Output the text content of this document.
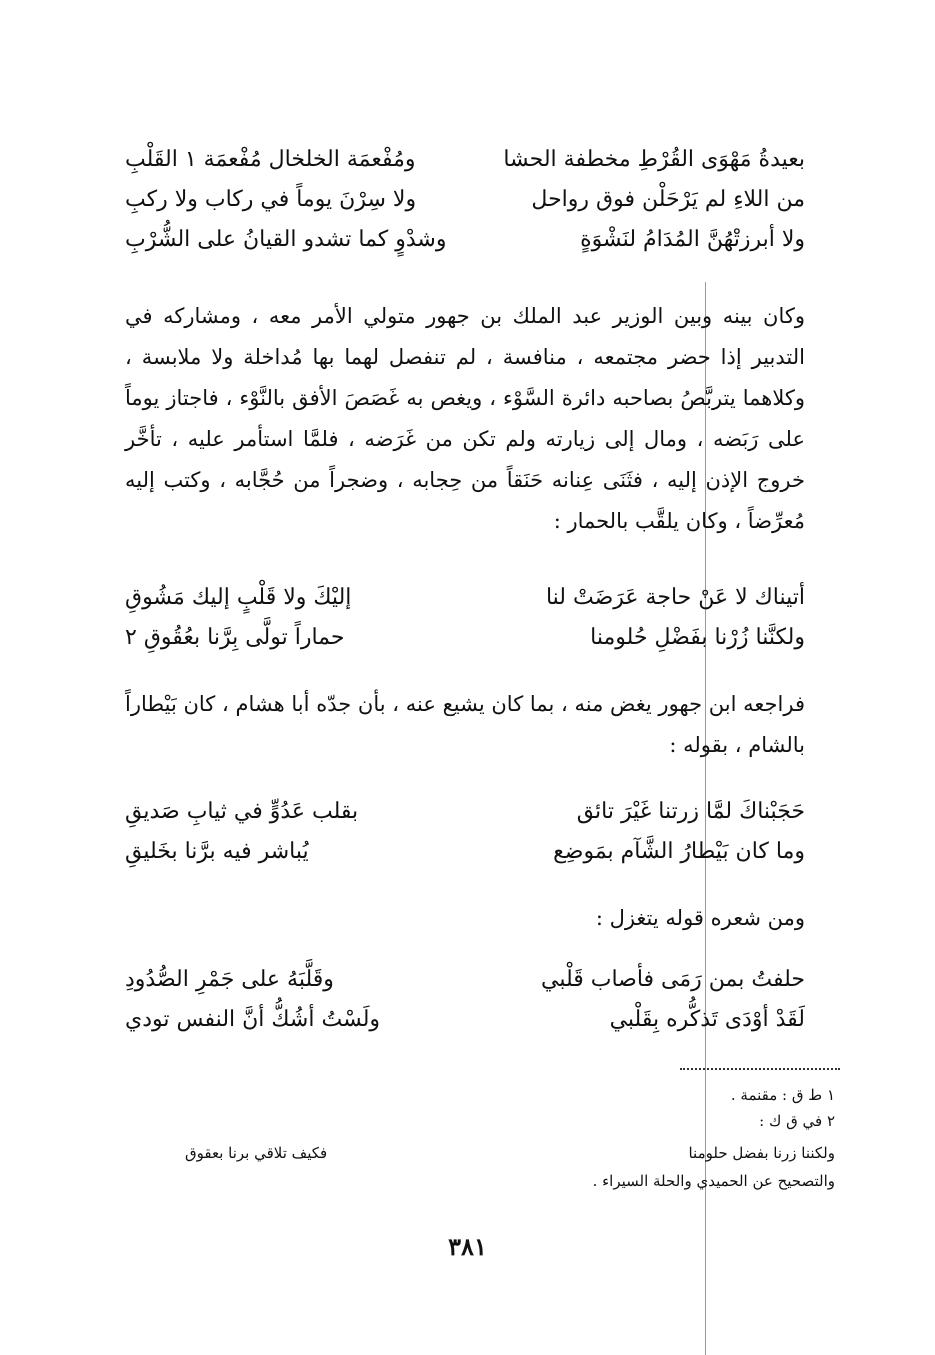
بعيدةُ مَهْوَى القُرْطِ مخطفة الحشا
ومُفْعمَة الخلخال مُفْعمَة ١ القَلْبِ
من اللاءِ لم يَرْحَلْن فوق رواحل
ولا سِرْنَ يوماً في ركاب ولا ركبِ
ولا أبرزتْهُنَّ المُدَامُ لنَشْوَةٍ
وشدْوٍ كما تشدو القيانُ على الشُّرْبِ

وكان بينه وبين الوزير عبد الملك بن جهور متولي الأمر معه ، ومشاركه في التدبير إذا حضر مجتمعه ، منافسة ، لم تنفصل لهما بها مُداخلة ولا ملابسة ، وكلاهما يتربَّصُ بصاحبه دائرة السَّوْء ، ويغص به غَصَصَ الأفق بالنَّوْء ، فاجتاز يوماً على رَبَضه ، ومال إلى زيارته ولم تكن من غَرَضه ، فلمَّا استأمر عليه ، تأخَّر خروج الإذن إليه ، فثَنَى عِنانه حَنَقاً من حِجابه ، وضجراً من حُجَّابه ، وكتب إليه مُعرِّضاً ، وكان يلقَّب بالحمار :

أتيناك لا عَنْ حاجة عَرَضَتْ لنا
إليْكَ ولا قَلْبٍ إليك مَشُوقِ
ولكنَّنا زُرْنا بفَضْلِ حُلومنا
حماراً تولَّى بِرَّنا بعُقُوقِ ٢

فراجعه ابن جهور يغض منه ، بما كان يشيع عنه ، بأن جدّه أبا هشام ، كان بَيْطاراً بالشام ، بقوله :

حَجَبْناكَ لمَّا زرتنا غَيْرَ تائق
بقلب عَدُوٍّ في ثيابِ صَديقِ
وما كان بَيْطارُ الشَّآم بمَوضِع
يُباشر فيه برَّنا بخَليقِ

ومن شعره قوله يتغزل :

حلفتُ بمن رَمَى فأصاب قَلْبي
وقَلَّبَهُ على جَمْرِ الصُّدُودِ
لَقَدْ أوْدَى تَذكُّره بِقَلْبي
ولَسْتُ أشُكُّ أنَّ النفس تودي
١ ط ق : مقنمة .
٢ في ق ك :
ولكننا زرنا بفضل حلومنا
فكيف تلاقي برنا بعقوق
والتصحيح عن الحميدي والحلة السيراء .
٣٨١
